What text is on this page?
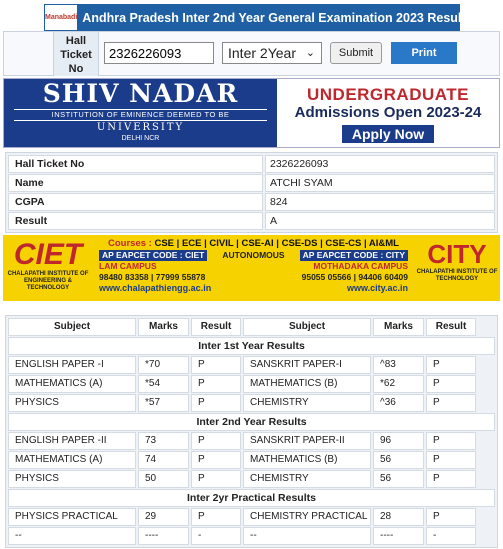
Manabadi Andhra Pradesh Inter 2nd Year General Examination 2023 Results
Hall Ticket No
2326226093
Inter 2Year ⌄	Submit	Print
SHIV NADAR
INSTITUTION OF EMINENCE DEEMED TO BE
UNIVERSITY
DELHI NCR
UNDERGRADUATE
Admissions Open 2023-24
Apply Now
Hall Ticket No	2326226093
Name	ATCHI SYAM
CGPA	824
Result	A
CIET
CHALAPATHI INSTITUTE OF ENGINEERING & TECHNOLOGY
Courses : CSE | ECE | CIVIL | CSE-AI | CSE-DS | CSE-CS | AI&ML
AP EAPCET CODE : CIET	AUTONOMOUS	AP EAPCET CODE : CITY
LAM CAMPUS	MOTHADAKA CAMPUS
98480 83358 | 77999 55878	95055 05566 | 94406 60409
www.chalapathiengg.ac.in	www.city.ac.in
CITY
CHALAPATHI INSTITUTE OF TECHNOLOGY
Subject	Marks	Result	Subject	Marks	Result
Inter 1st Year Results
ENGLISH PAPER -I	*70	P	SANSKRIT PAPER-I	^83	P
MATHEMATICS (A)	*54	P	MATHEMATICS (B)	*62	P
PHYSICS	*57	P	CHEMISTRY	^36	P
Inter 2nd Year Results
ENGLISH PAPER -II	73	P	SANSKRIT PAPER-II	96	P
MATHEMATICS (A)	74	P	MATHEMATICS (B)	56	P
PHYSICS	50	P	CHEMISTRY	56	P
Inter 2yr Practical Results
PHYSICS PRACTICAL	29	P	CHEMISTRY PRACTICAL	28	P
--	----	-	--	----	-
